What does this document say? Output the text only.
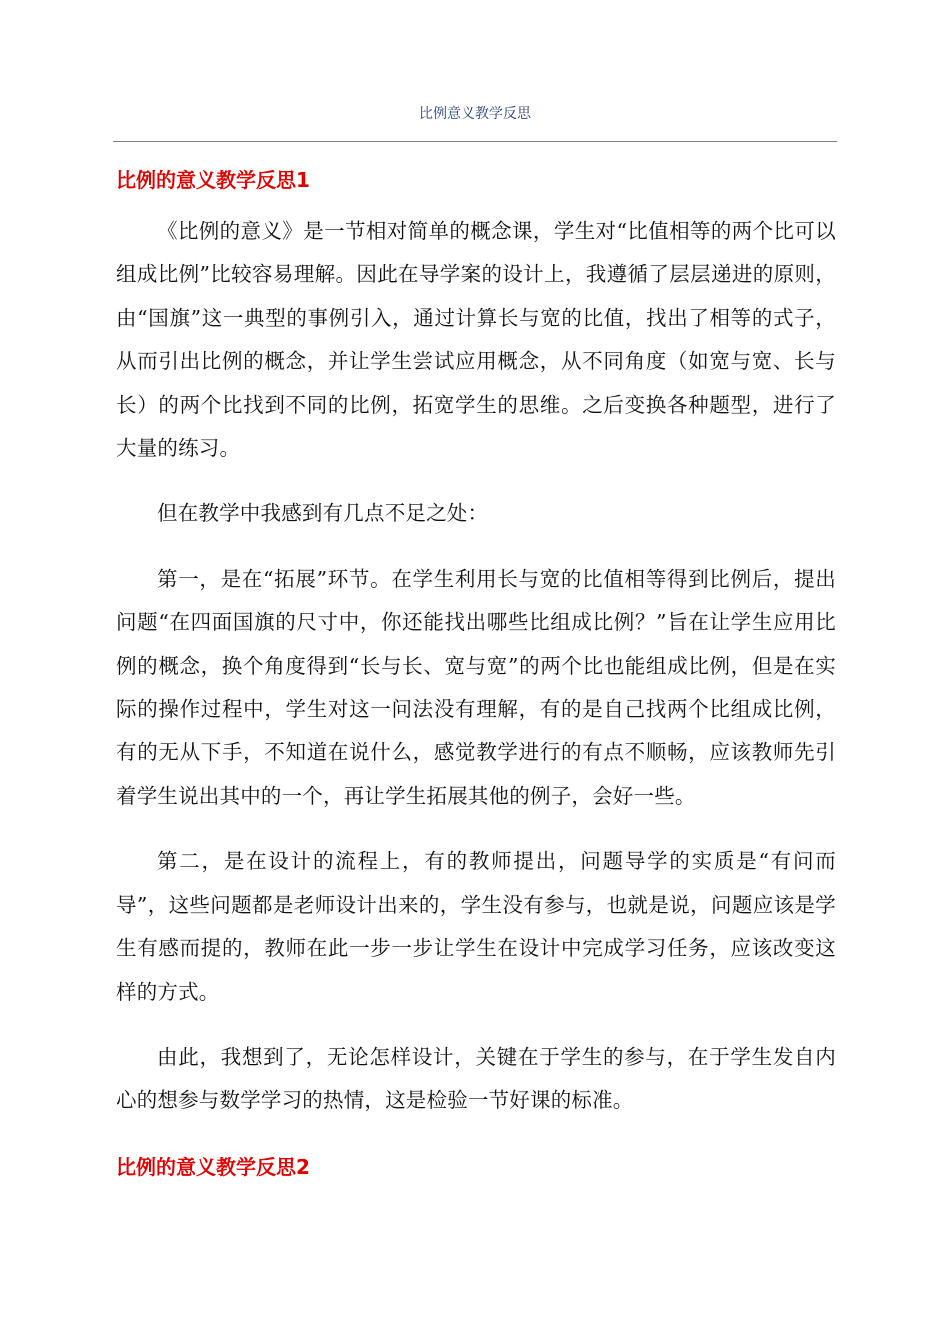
比例意义教学反思
比例的意义教学反思1

《比例的意义》是一节相对简单的概念课，学生对“比值相等的两个比可以组成比例”比较容易理解。因此在导学案的设计上，我遵循了层层递进的原则，由“国旗”这一典型的事例引入，通过计算长与宽的比值，找出了相等的式子，从而引出比例的概念，并让学生尝试应用概念，从不同角度（如宽与宽、长与长）的两个比找到不同的比例，拓宽学生的思维。之后变换各种题型，进行了大量的练习。

但在教学中我感到有几点不足之处：

第一，是在“拓展”环节。在学生利用长与宽的比值相等得到比例后，提出问题“在四面国旗的尺寸中，你还能找出哪些比组成比例？”旨在让学生应用比例的概念，换个角度得到“长与长、宽与宽”的两个比也能组成比例，但是在实际的操作过程中，学生对这一问法没有理解，有的是自己找两个比组成比例，有的无从下手，不知道在说什么，感觉教学进行的有点不顺畅，应该教师先引着学生说出其中的一个，再让学生拓展其他的例子，会好一些。

第二，是在设计的流程上，有的教师提出，问题导学的实质是“有问而导”，这些问题都是老师设计出来的，学生没有参与，也就是说，问题应该是学生有感而提的，教师在此一步一步让学生在设计中完成学习任务，应该改变这样的方式。

由此，我想到了，无论怎样设计，关键在于学生的参与，在于学生发自内心的想参与数学学习的热情，这是检验一节好课的标准。

比例的意义教学反思2
